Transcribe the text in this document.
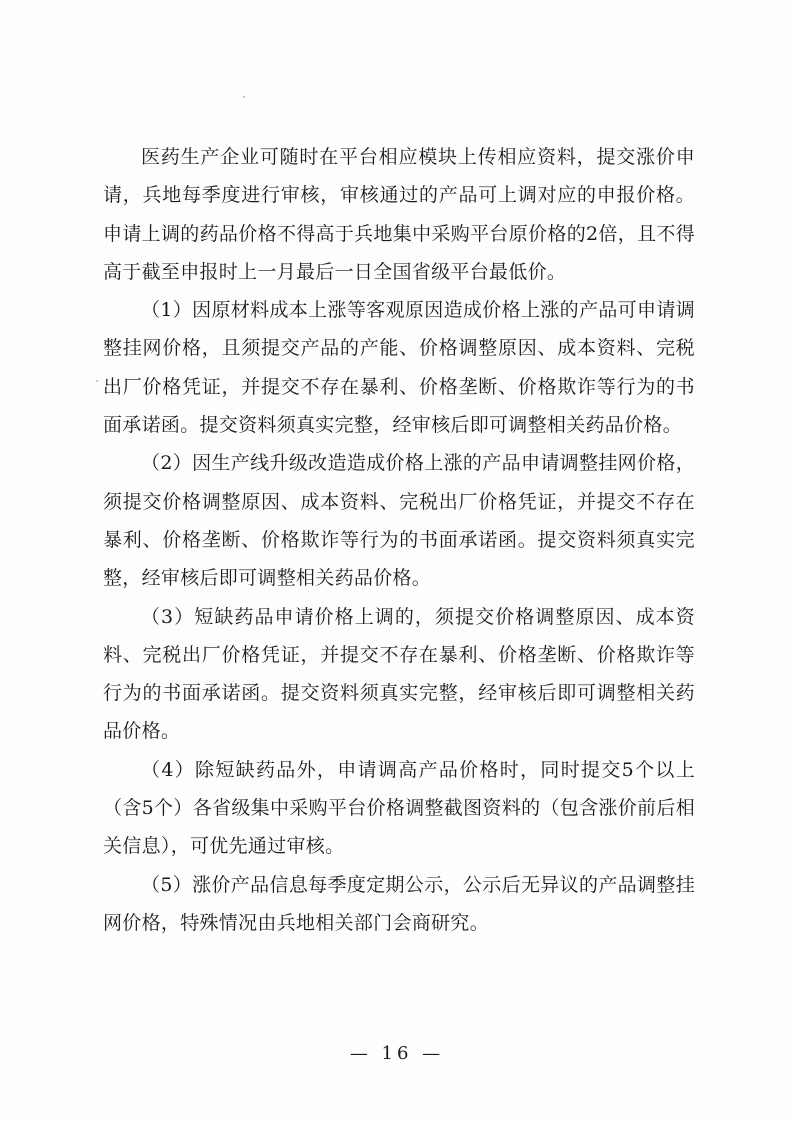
医药生产企业可随时在平台相应模块上传相应资料，提交涨价申请，兵地每季度进行审核，审核通过的产品可上调对应的申报价格。申请上调的药品价格不得高于兵地集中采购平台原价格的2倍，且不得高于截至申报时上一月最后一日全国省级平台最低价。

（1）因原材料成本上涨等客观原因造成价格上涨的产品可申请调整挂网价格，且须提交产品的产能、价格调整原因、成本资料、完税出厂价格凭证，并提交不存在暴利、价格垄断、价格欺诈等行为的书面承诺函。提交资料须真实完整，经审核后即可调整相关药品价格。

（2）因生产线升级改造造成价格上涨的产品申请调整挂网价格，须提交价格调整原因、成本资料、完税出厂价格凭证，并提交不存在暴利、价格垄断、价格欺诈等行为的书面承诺函。提交资料须真实完整，经审核后即可调整相关药品价格。

（3）短缺药品申请价格上调的，须提交价格调整原因、成本资料、完税出厂价格凭证，并提交不存在暴利、价格垄断、价格欺诈等行为的书面承诺函。提交资料须真实完整，经审核后即可调整相关药品价格。

（4）除短缺药品外，申请调高产品价格时，同时提交5个以上（含5个）各省级集中采购平台价格调整截图资料的（包含涨价前后相关信息），可优先通过审核。

（5）涨价产品信息每季度定期公示，公示后无异议的产品调整挂网价格，特殊情况由兵地相关部门会商研究。

— 16 —
